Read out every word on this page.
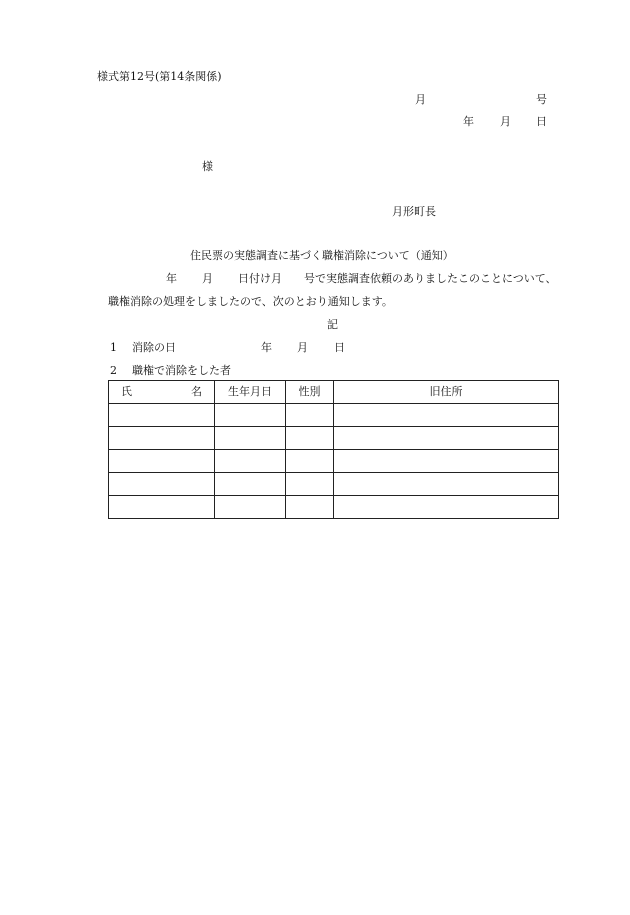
様式第12号(第14条関係)
月	号
年 月 日
様
月形町長
住民票の実態調査に基づく職権消除について（通知）
年 月 日付け月　　号で実態調査依頼のありましたこのことについて、
職権消除の処理をしましたので、次のとおり通知します。
記
1 消除の日	年 月 日
2 職権で消除をした者
氏 名	生年月日	性別	旧住所
